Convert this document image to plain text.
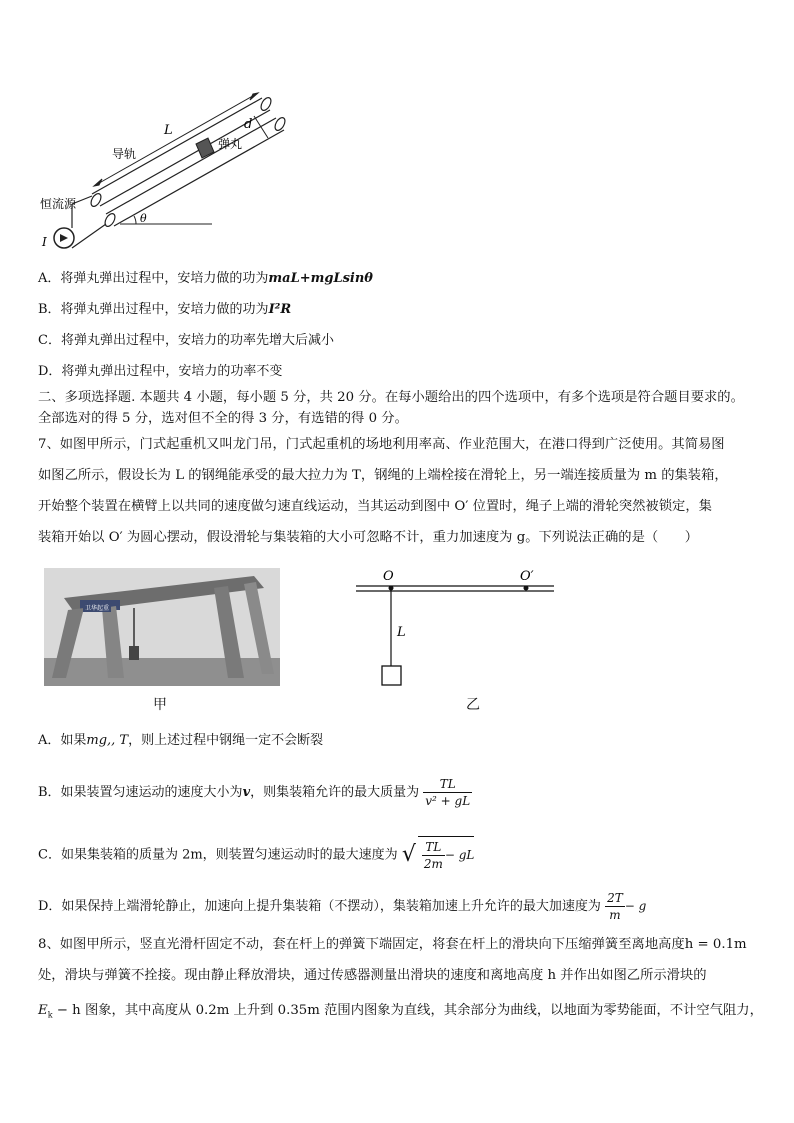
L	d
导轨
弹丸
恒流源
I
θ
A．将弹丸弹出过程中，安培力做的功为maL+mgLsinθ
B．将弹丸弹出过程中，安培力做的功为I²R
C．将弹丸弹出过程中，安培力的功率先增大后减小
D．将弹丸弹出过程中，安培力的功率不变
二、多项选择题. 本题共 4 小题，每小题 5 分，共 20 分。在每小题给出的四个选项中，有多个选项是符合题目要求的。
全部选对的得 5 分，选对但不全的得 3 分，有选错的得 0 分。
7、如图甲所示，门式起重机又叫龙门吊，门式起重机的场地利用率高、作业范围大，在港口得到广泛使用。其简易图
如图乙所示，假设长为 L 的钢绳能承受的最大拉力为 T，钢绳的上端栓接在滑轮上，另一端连接质量为 m 的集装箱，
开始整个装置在横臂上以共同的速度做匀速直线运动，当其运动到图中 O′ 位置时，绳子上端的滑轮突然被锁定，集
装箱开始以 O′ 为圆心摆动，假设滑轮与集装箱的大小可忽略不计，重力加速度为 g。下列说法正确的是（　　）
卫华起重
O	O′
L
甲	乙
A．如果mg,, T，则上述过程中钢绳一定不会断裂
B．如果装置匀速运动的速度大小为v，则集装箱允许的最大质量为 $\frac{TL}{\text{v² + gL}}$
C．如果集装箱的质量为 2m，则装置匀速运动时的最大速度为 √ $\frac{TL}{2m}$ − gL
D．如果保持上端滑轮静止，加速向上提升集装箱（不摆动），集装箱加速上升允许的最大加速度为 $\frac{2T}{m} - g$
8、如图甲所示，竖直光滑杆固定不动，套在杆上的弹簧下端固定，将套在杆上的滑块向下压缩弹簧至离地高度h = 0.1m
处，滑块与弹簧不拴接。现由静止释放滑块，通过传感器测量出滑块的速度和离地高度 h 并作出如图乙所示滑块的
$E_k - h$ 图象，其中高度从 0.2m 上升到 0.35m 范围内图象为直线，其余部分为曲线，以地面为零势能面，不计空气阻力，
